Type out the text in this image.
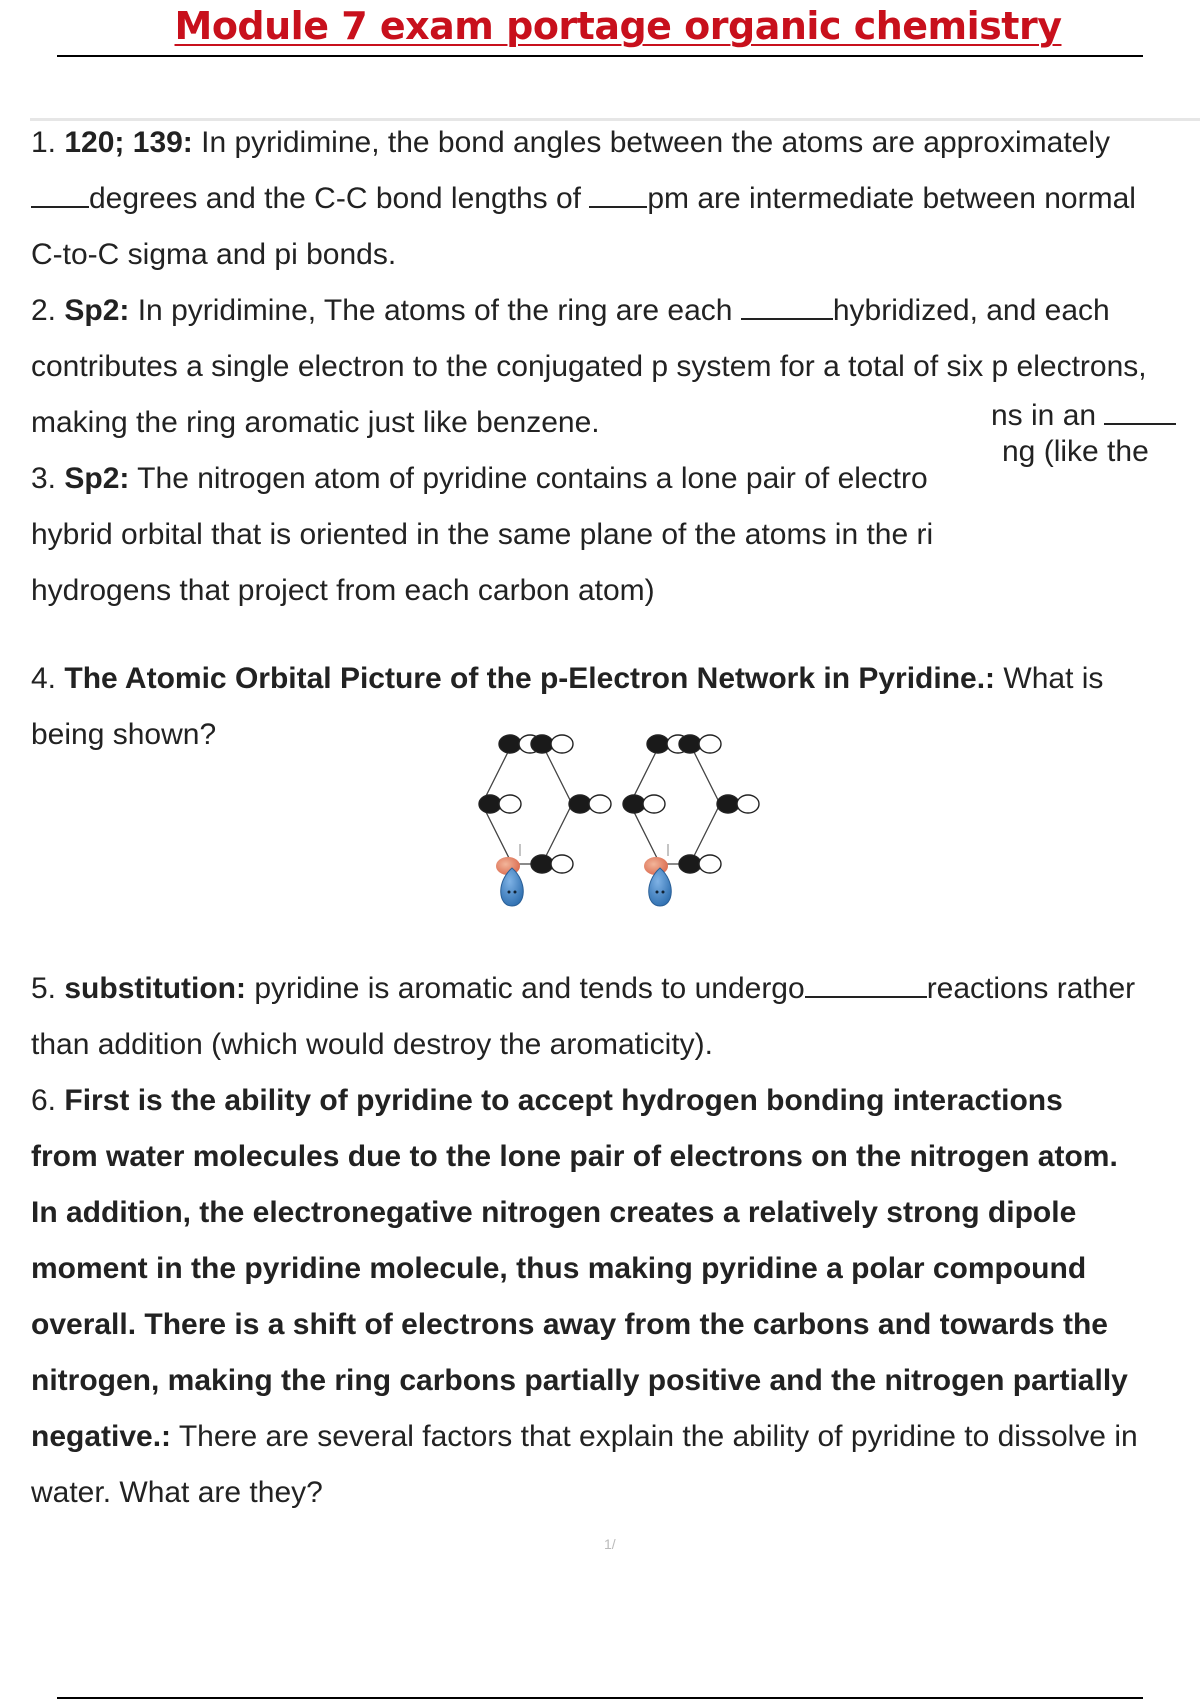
Module 7 exam portage organic chemistry
1. 120; 139: In pyridimine, the bond angles between the atoms are approximately
degrees and the C-C bond lengths of pm are intermediate between normal
C-to-C sigma and pi bonds.
2. Sp2: In pyridimine, The atoms of the ring are each	hybridized, and each
contributes a single electron to the conjugated p system for a total of six p electrons,
making the ring aromatic just like benzene.
3. Sp2: The nitrogen atom of pyridine contains a lone pair of electro
hybrid orbital that is oriented in the same plane of the atoms in the ri
hydrogens that project from each carbon atom)
ns in an
ng (like the
4. The Atomic Orbital Picture of the p-Electron Network in Pyridine.: What is
being shown?
5. substitution: pyridine is aromatic and tends to undergo	reactions rather
than addition (which would destroy the aromaticity).
6. First is the ability of pyridine to accept hydrogen bonding interactions
from water molecules due to the lone pair of electrons on the nitrogen atom.
In addition, the electronegative nitrogen creates a relatively strong dipole
moment in the pyridine molecule, thus making pyridine a polar compound
overall. There is a shift of electrons away from the carbons and towards the
nitrogen, making the ring carbons partially positive and the nitrogen partially
negative.: There are several factors that explain the ability of pyridine to dissolve in
water. What are they?
1/
